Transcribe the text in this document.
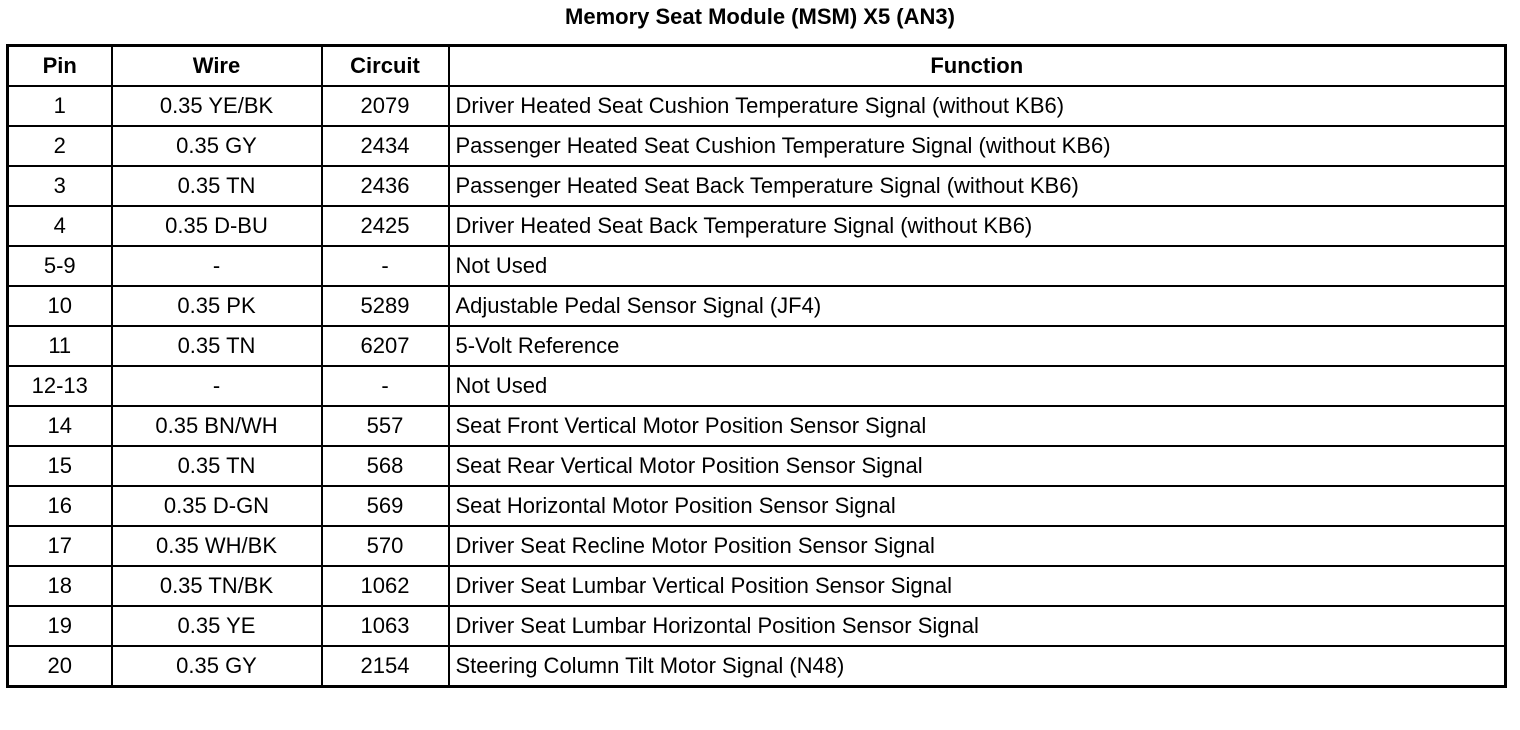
Memory Seat Module (MSM) X5 (AN3)
Pin	Wire	Circuit	Function
1	0.35 YE/BK	2079	Driver Heated Seat Cushion Temperature Signal (without KB6)
2	0.35 GY	2434	Passenger Heated Seat Cushion Temperature Signal (without KB6)
3	0.35 TN	2436	Passenger Heated Seat Back Temperature Signal (without KB6)
4	0.35 D-BU	2425	Driver Heated Seat Back Temperature Signal (without KB6)
5-9	-	-	Not Used
10	0.35 PK	5289	Adjustable Pedal Sensor Signal (JF4)
11	0.35 TN	6207	5-Volt Reference
12-13	-	-	Not Used
14	0.35 BN/WH	557	Seat Front Vertical Motor Position Sensor Signal
15	0.35 TN	568	Seat Rear Vertical Motor Position Sensor Signal
16	0.35 D-GN	569	Seat Horizontal Motor Position Sensor Signal
17	0.35 WH/BK	570	Driver Seat Recline Motor Position Sensor Signal
18	0.35 TN/BK	1062	Driver Seat Lumbar Vertical Position Sensor Signal
19	0.35 YE	1063	Driver Seat Lumbar Horizontal Position Sensor Signal
20	0.35 GY	2154	Steering Column Tilt Motor Signal (N48)
